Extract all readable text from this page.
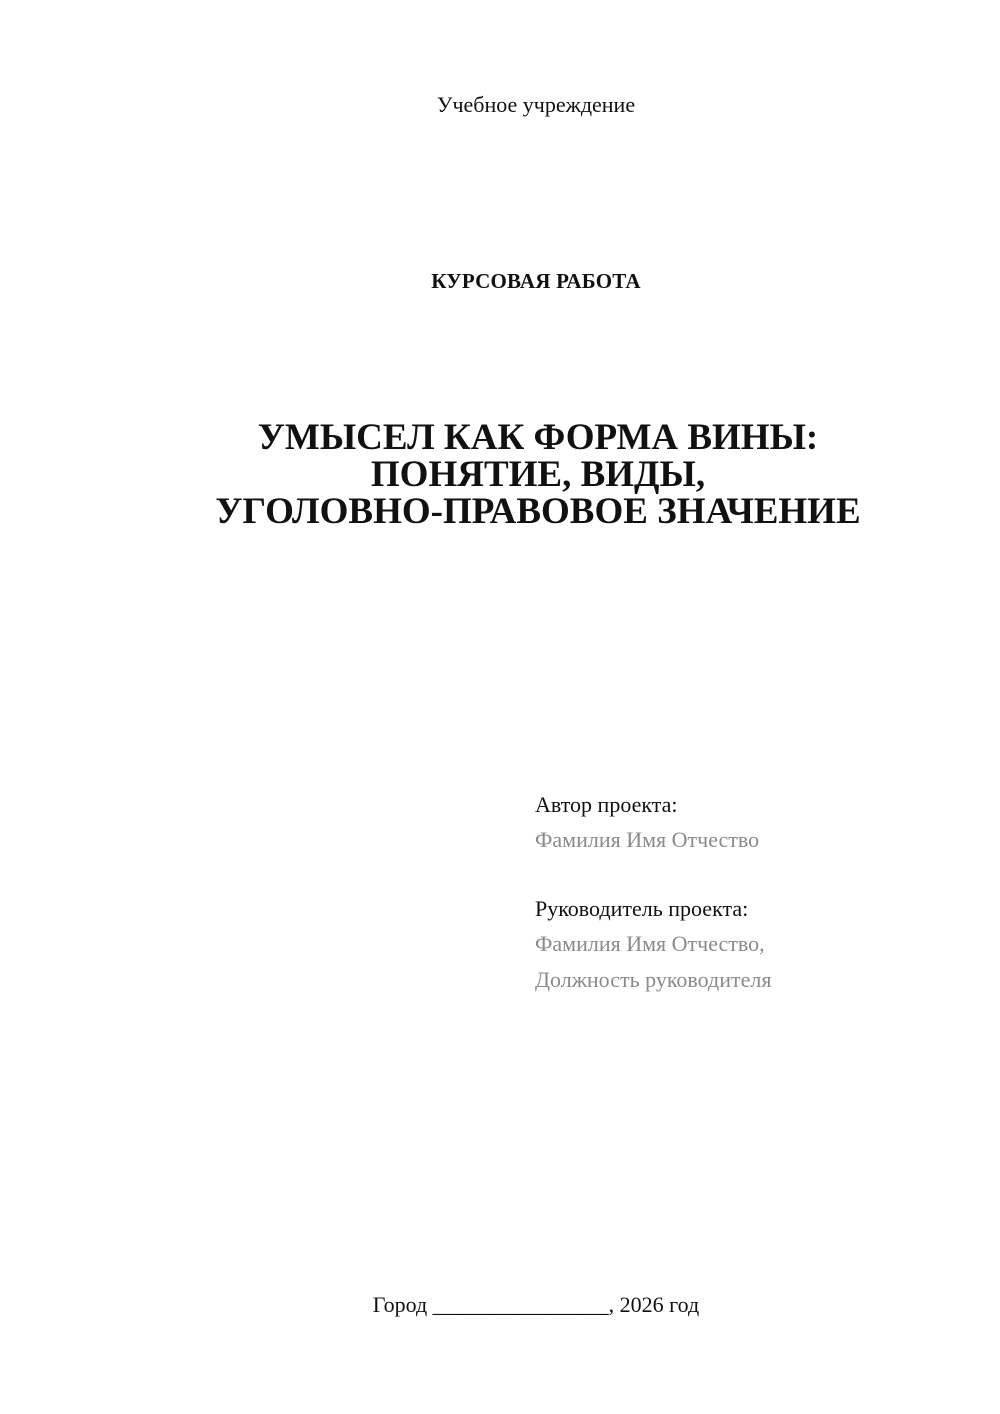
Учебное учреждение
КУРСОВАЯ РАБОТА
УМЫСЕЛ КАК ФОРМА ВИНЫ:
ПОНЯТИЕ, ВИДЫ,
УГОЛОВНО-ПРАВОВОЕ ЗНАЧЕНИЕ
Автор проекта:
Фамилия Имя Отчество
Руководитель проекта:
Фамилия Имя Отчество,
Должность руководителя
Город ________________, 2026 год
